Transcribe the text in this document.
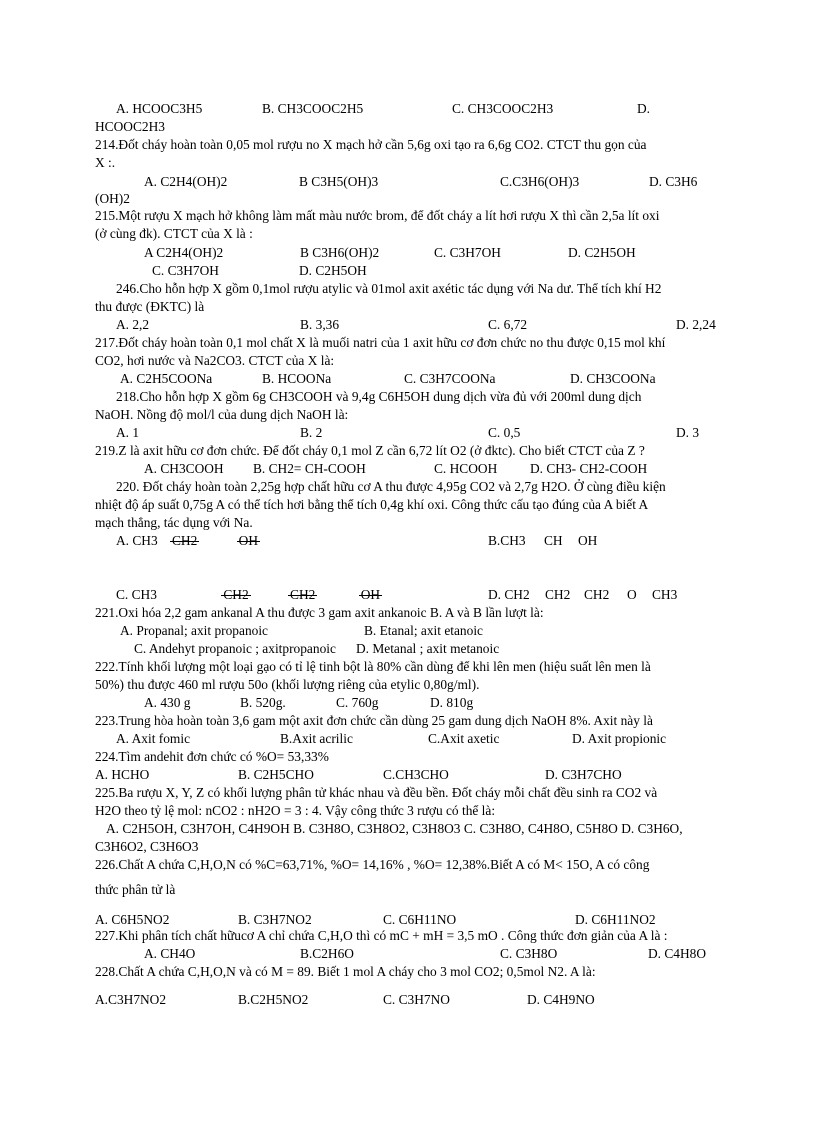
A. HCOOC3H5	B. CH3COOC2H5	C. CH3COOC2H3	D.
HCOOC2H3
214.Đốt cháy hoàn toàn 0,05 mol rượu no X mạch hở cần 5,6g oxi tạo ra 6,6g CO2. CTCT thu gọn của
X :.
A. C2H4(OH)2	B C3H5(OH)3	C.C3H6(OH)3	D. C3H6
(OH)2
215.Một rượu X mạch hở không làm mất màu nước brom, để đốt cháy a lít hơi rượu X thì cần 2,5a lít oxi
(ở cùng đk). CTCT của X là :
A C2H4(OH)2	B C3H6(OH)2	C. C3H7OH	D. C2H5OH
C. C3H7OH	D. C2H5OH
246.Cho hỗn hợp X gồm 0,1mol rượu atylic và 01mol axit axétic tác dụng với Na dư. Thể tích khí H2
thu được (ĐKTC) là
A. 2,2	B. 3,36	C. 6,72	D. 2,24
217.Đốt cháy hoàn toàn 0,1 mol chất X là muối natri của 1 axit hữu cơ đơn chức no thu được 0,15 mol khí
CO2, hơi nước và Na2CO3. CTCT của X là:
A. C2H5COONa	B. HCOONa	C. C3H7COONa	D. CH3COONa
218.Cho hỗn hợp X gồm 6g CH3COOH và 9,4g C6H5OH dung dịch vừa đủ với 200ml dung dịch
NaOH. Nồng độ mol/l của dung dịch NaOH là:
A. 1	B. 2	C. 0,5	D. 3
219.Z là axit hữu cơ đơn chức. Để đốt cháy 0,1 mol Z cần 6,72 lít O2 (ở đktc). Cho biết CTCT của Z ?
A. CH3COOH B. CH2= CH-COOH	C. HCOOH D. CH3- CH2-COOH
220. Đốt cháy hoàn toàn 2,25g hợp chất hữu cơ A thu được 4,95g CO2 và 2,7g H2O. Ở cùng điều kiện
nhiệt độ áp suất 0,75g A có thể tích hơi bằng thể tích 0,4g khí oxi. Công thức cấu tạo đúng của A biết A
mạch thẳng, tác dụng với Na.
A. CH3 CH2	OH	B.CH3 CH OH
C. CH3	CH2	CH2	OH	D. CH2 CH2 CH2 O CH3
221.Oxi hóa 2,2 gam ankanal A thu được 3 gam axit ankanoic B. A và B lần lượt là:
A. Propanal; axit propanoic	B. Etanal; axit etanoic
C. Andehyt propanoic ; axitpropanoic D. Metanal ; axit metanoic
222.Tính khối lượng một loại gạo có tỉ lệ tinh bột là 80% cần dùng để khi lên men (hiệu suất lên men là
50%) thu được 460 ml rượu 50o (khối lượng riêng của etylic 0,80g/ml).
A. 430 g	B. 520g.	C. 760g	D. 810g
223.Trung hòa hoàn toàn 3,6 gam một axit đơn chức cần dùng 25 gam dung dịch NaOH 8%. Axit này là
A. Axit fomic	B.Axit acrilic	C.Axit axetic	D. Axit propionic
224.Tìm andehit đơn chức có %O= 53,33%
A. HCHO	B. C2H5CHO	C.CH3CHO	D. C3H7CHO
225.Ba rượu X, Y, Z có khối lượng phân tử khác nhau và đều bền. Đốt cháy mỗi chất đều sinh ra CO2 và
H2O theo tỷ lệ mol: nCO2 : nH2O = 3 : 4. Vậy công thức 3 rượu có thể là:
A. C2H5OH, C3H7OH, C4H9OH B. C3H8O, C3H8O2, C3H8O3 C. C3H8O, C4H8O, C5H8O D. C3H6O,
C3H6O2, C3H6O3
226.Chất A chứa C,H,O,N có %C=63,71%, %O= 14,16% , %O= 12,38%.Biết A có M< 15O, A có công
thức phân tử là
A. C6H5NO2	B. C3H7NO2	C. C6H11NO	D. C6H11NO2
227.Khi phân tích chất hữucơ A chỉ chứa C,H,O thì có mC + mH = 3,5 mO . Công thức đơn giản của A là :
A. CH4O	B.C2H6O	C. C3H8O	D. C4H8O
228.Chất A chứa C,H,O,N và có M = 89. Biết 1 mol A cháy cho 3 mol CO2; 0,5mol N2. A là:
A.C3H7NO2	B.C2H5NO2	C. C3H7NO	D. C4H9NO
